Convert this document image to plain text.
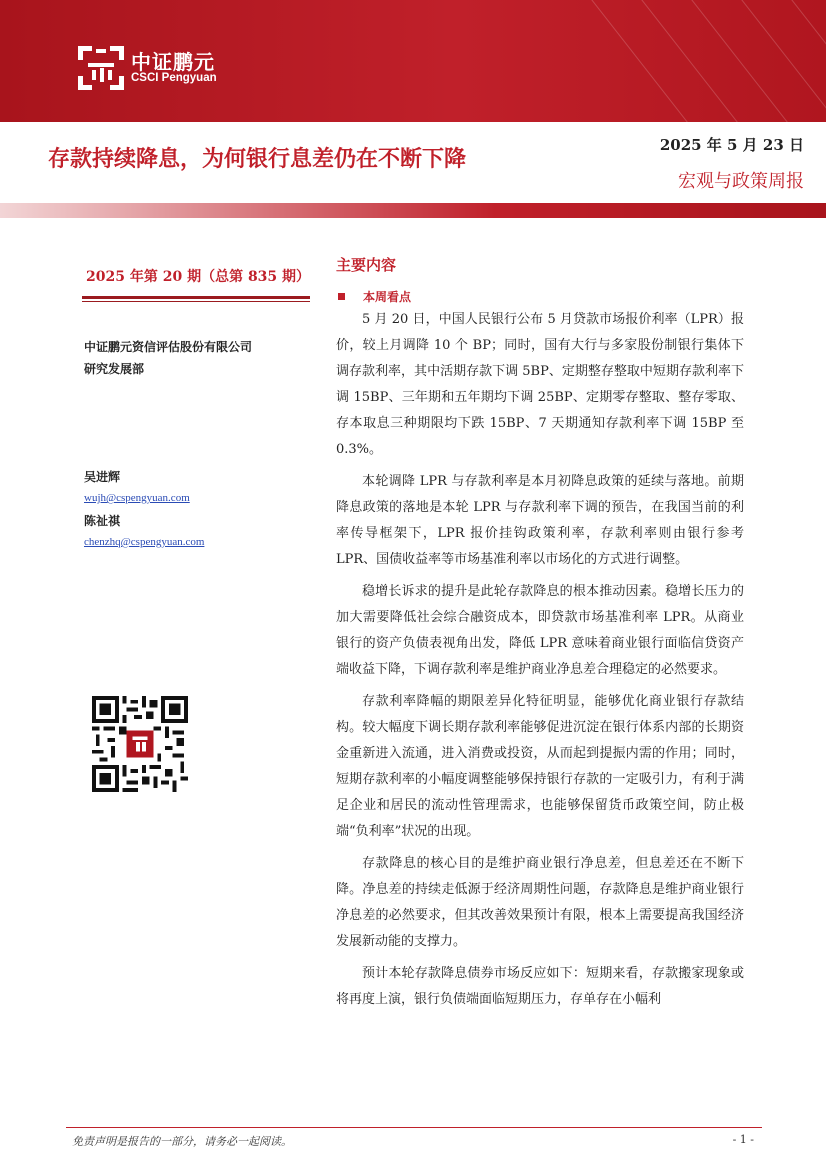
中证鹏元
CSCI Pengyuan
存款持续降息，为何银行息差仍在不断下降
2025 年 5 月 23 日
宏观与政策周报
2025 年第 20 期（总第 835 期）
中证鹏元资信评估股份有限公司
研究发展部
吴进辉
wujh@cspengyuan.com
陈祉祺
chenzhq@cspengyuan.com
主要内容
本周看点

5 月 20 日，中国人民银行公布 5 月贷款市场报价利率（LPR）报价，较上月调降 10 个 BP；同时，国有大行与多家股份制银行集体下调存款利率，其中活期存款下调 5BP、定期整存整取中短期存款利率下调 15BP、三年期和五年期均下调 25BP、定期零存整取、整存零取、存本取息三种期限均下跌 15BP、7 天期通知存款利率下调 15BP 至 0.3%。

本轮调降 LPR 与存款利率是本月初降息政策的延续与落地。前期降息政策的落地是本轮 LPR 与存款利率下调的预告，在我国当前的利率传导框架下，LPR 报价挂钩政策利率，存款利率则由银行参考 LPR、国债收益率等市场基准利率以市场化的方式进行调整。

稳增长诉求的提升是此轮存款降息的根本推动因素。稳增长压力的加大需要降低社会综合融资成本，即贷款市场基准利率 LPR。从商业银行的资产负债表视角出发，降低 LPR 意味着商业银行面临信贷资产端收益下降，下调存款利率是维护商业净息差合理稳定的必然要求。

存款利率降幅的期限差异化特征明显，能够优化商业银行存款结构。较大幅度下调长期存款利率能够促进沉淀在银行体系内部的长期资金重新进入流通，进入消费或投资，从而起到提振内需的作用；同时，短期存款利率的小幅度调整能够保持银行存款的一定吸引力，有利于满足企业和居民的流动性管理需求，也能够保留货币政策空间，防止极端“负利率”状况的出现。

存款降息的核心目的是维护商业银行净息差，但息差还在不断下降。净息差的持续走低源于经济周期性问题，存款降息是维护商业银行净息差的必然要求，但其改善效果预计有限，根本上需要提高我国经济发展新动能的支撑力。

预计本轮存款降息债券市场反应如下：短期来看，存款搬家现象或将再度上演，银行负债端面临短期压力，存单存在小幅利

免责声明是报告的一部分，请务必一起阅读。	- 1 -
